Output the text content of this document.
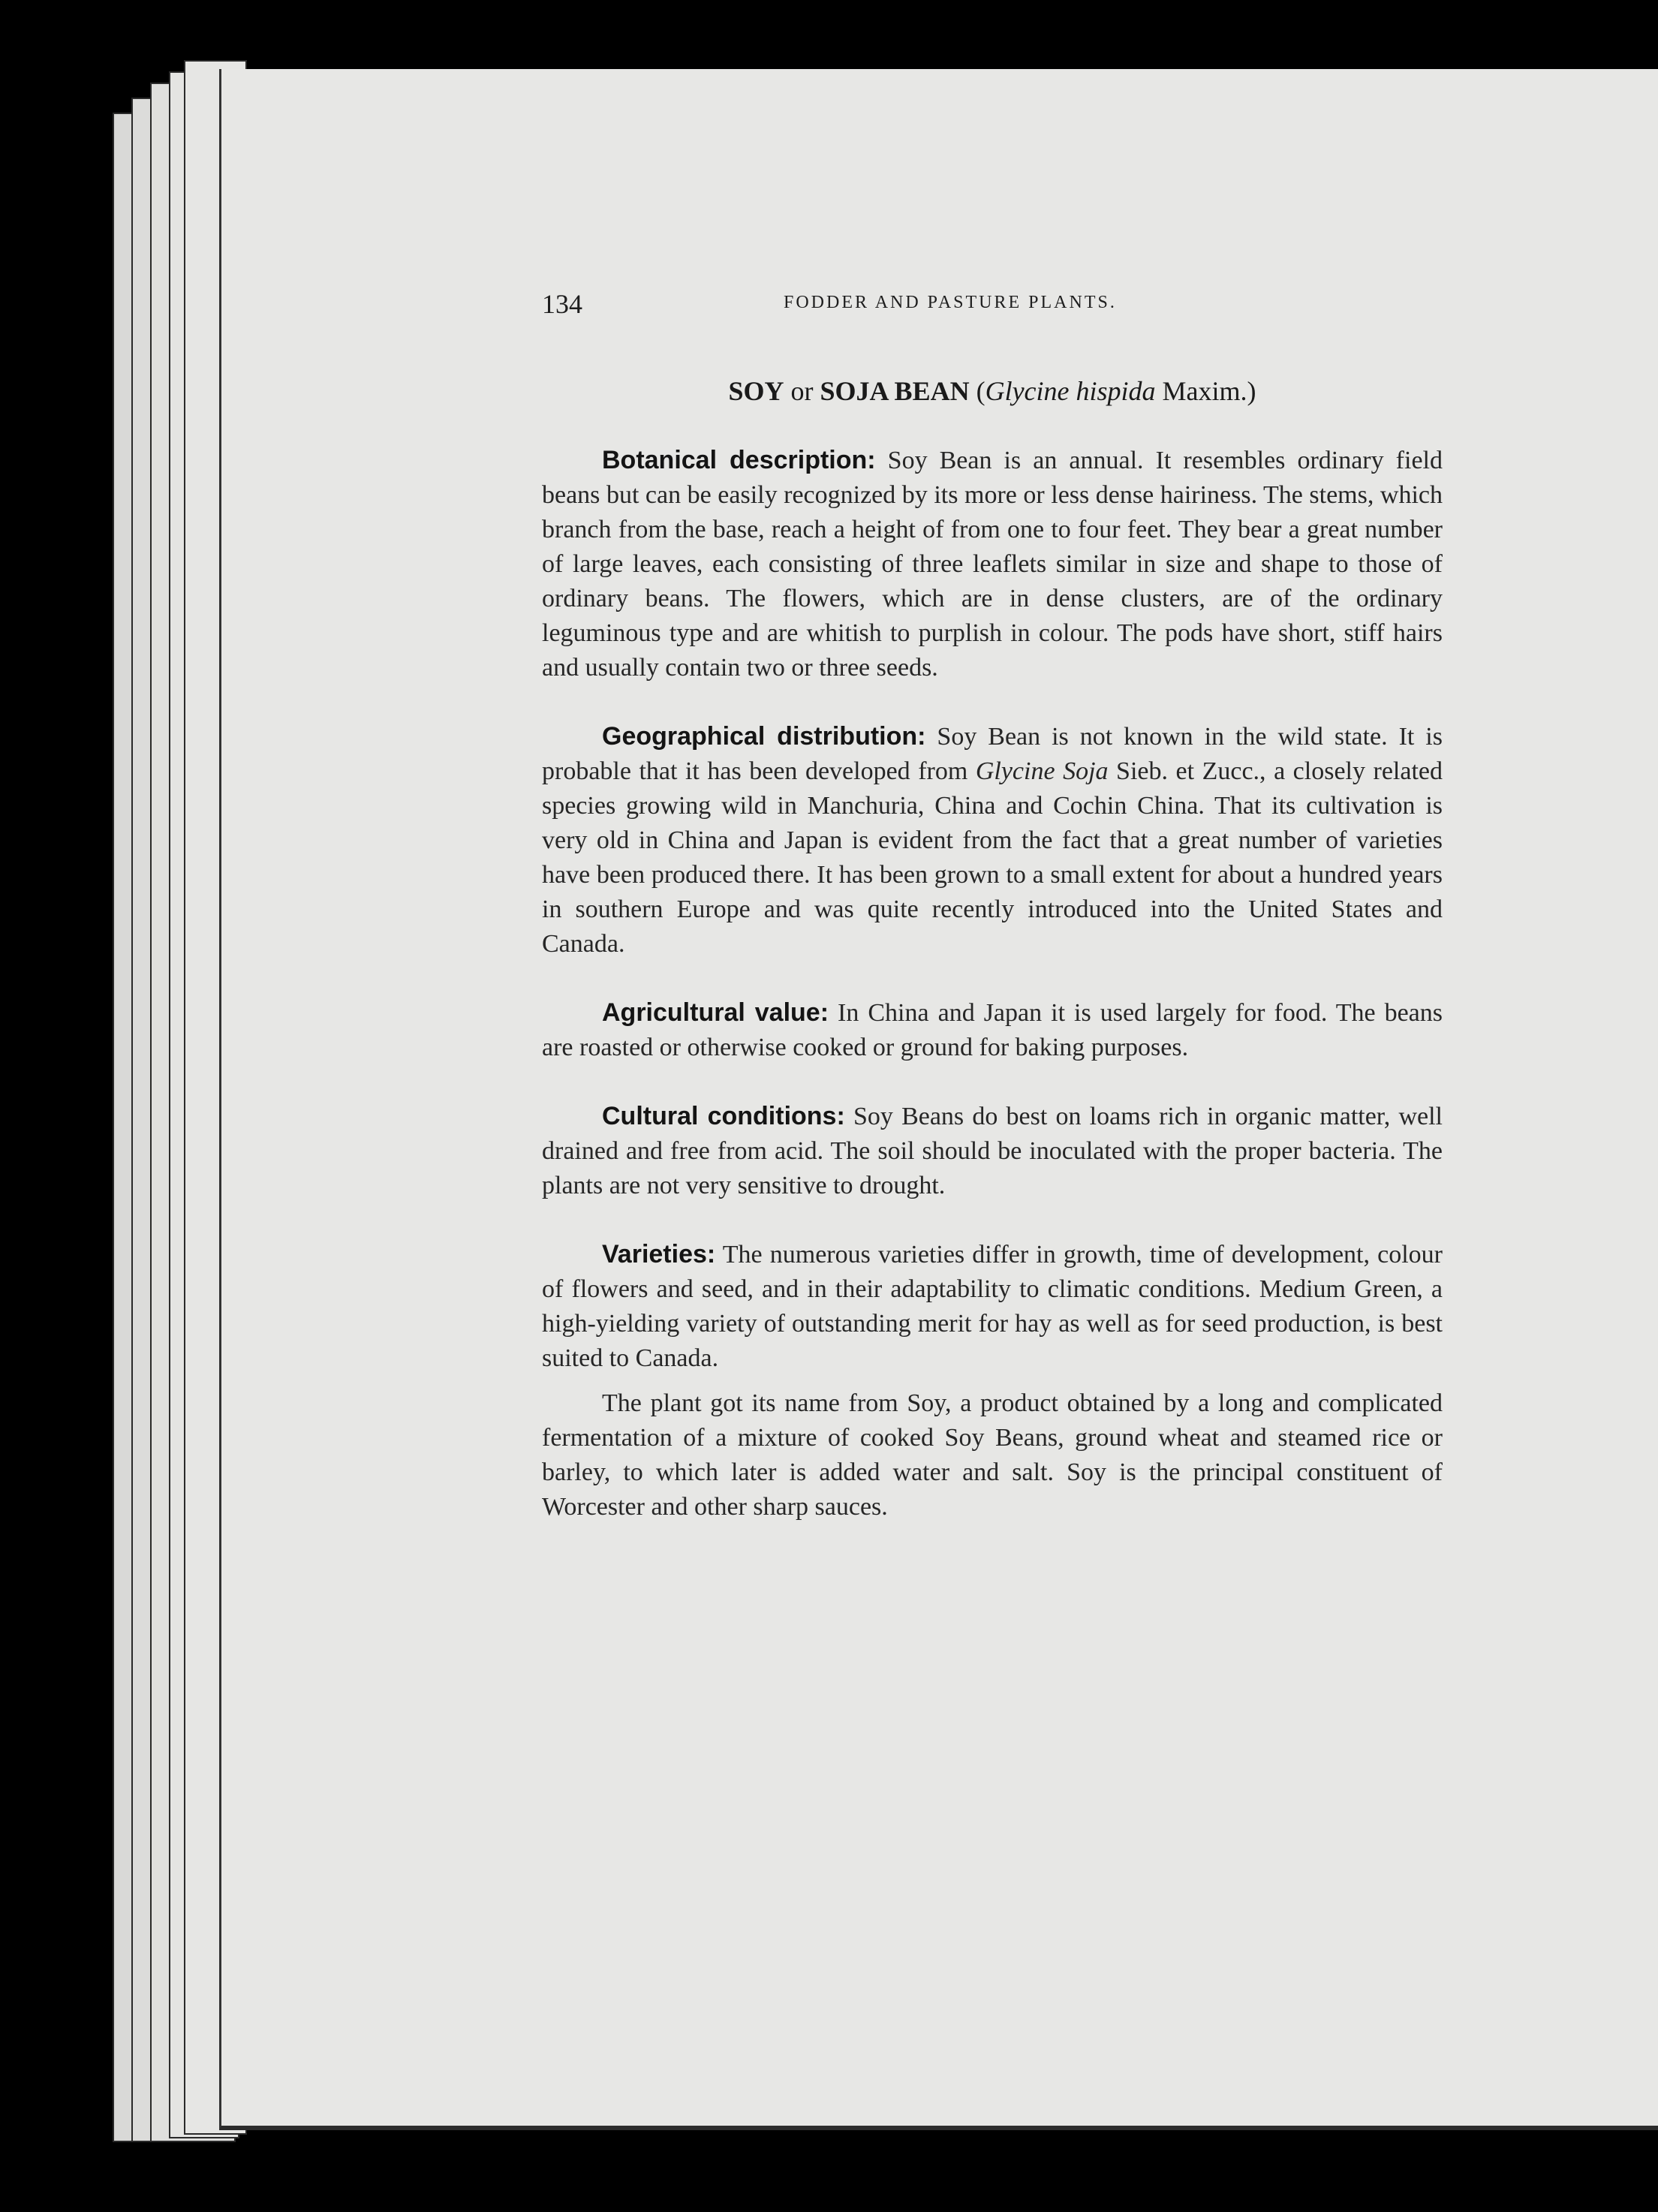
134	FODDER AND PASTURE PLANTS.
SOY or SOJA BEAN (Glycine hispida Maxim.)

Botanical description: Soy Bean is an annual. It resembles ordinary field beans but can be easily recognized by its more or less dense hairiness. The stems, which branch from the base, reach a height of from one to four feet. They bear a great number of large leaves, each consisting of three leaflets similar in size and shape to those of ordinary beans. The flowers, which are in dense clusters, are of the ordinary leguminous type and are whitish to purplish in colour. The pods have short, stiff hairs and usually contain two or three seeds.

Geographical distribution: Soy Bean is not known in the wild state. It is probable that it has been developed from Glycine Soja Sieb. et Zucc., a closely related species growing wild in Manchuria, China and Cochin China. That its cultivation is very old in China and Japan is evident from the fact that a great number of varieties have been produced there. It has been grown to a small extent for about a hundred years in southern Europe and was quite recently introduced into the United States and Canada.

Agricultural value: In China and Japan it is used largely for food. The beans are roasted or otherwise cooked or ground for baking purposes.

Cultural conditions: Soy Beans do best on loams rich in organic matter, well drained and free from acid. The soil should be inoculated with the proper bacteria. The plants are not very sensitive to drought.

Varieties: The numerous varieties differ in growth, time of development, colour of flowers and seed, and in their adaptability to climatic conditions. Medium Green, a high-yielding variety of outstanding merit for hay as well as for seed production, is best suited to Canada.

The plant got its name from Soy, a product obtained by a long and complicated fermentation of a mixture of cooked Soy Beans, ground wheat and steamed rice or barley, to which later is added water and salt. Soy is the principal constituent of Worcester and other sharp sauces.
